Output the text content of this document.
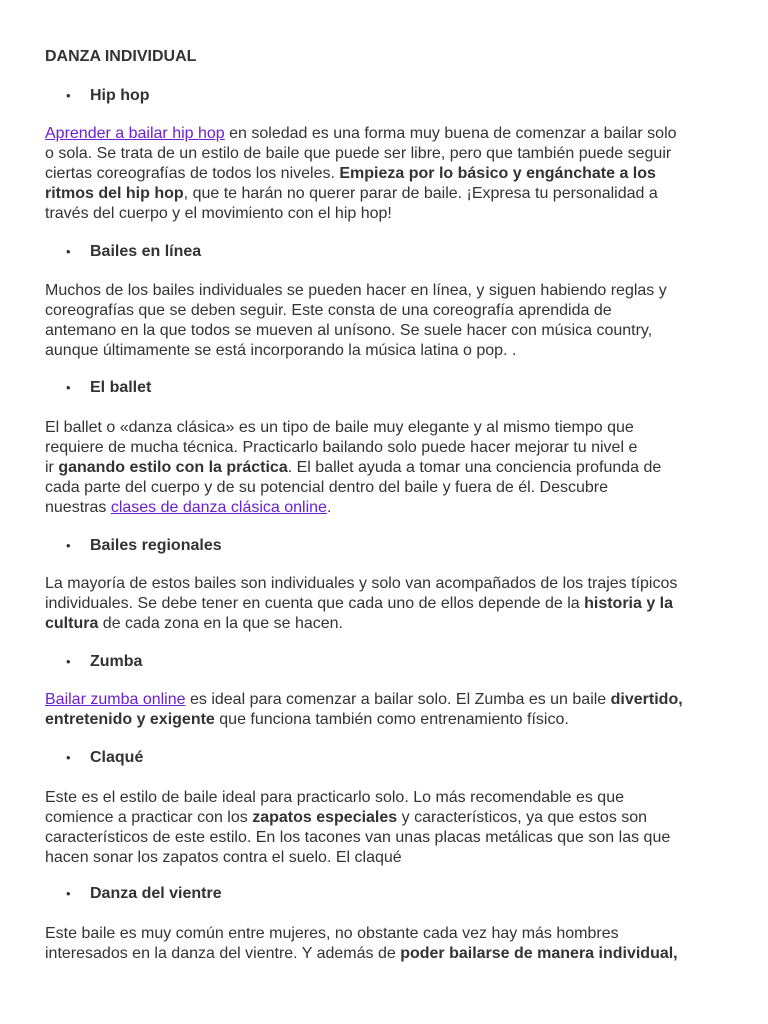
DANZA INDIVIDUAL
• Hip hop
Aprender a bailar hip hop en soledad es una forma muy buena de comenzar a bailar solo
o sola. Se trata de un estilo de baile que puede ser libre, pero que también puede seguir
ciertas coreografías de todos los niveles. Empieza por lo básico y engánchate a los
ritmos del hip hop, que te harán no querer parar de baile. ¡Expresa tu personalidad a
través del cuerpo y el movimiento con el hip hop!
• Bailes en línea
Muchos de los bailes individuales se pueden hacer en línea, y siguen habiendo reglas y
coreografías que se deben seguir. Este consta de una coreografía aprendida de
antemano en la que todos se mueven al unísono. Se suele hacer con música country,
aunque últimamente se está incorporando la música latina o pop. .
• El ballet
El ballet o «danza clásica» es un tipo de baile muy elegante y al mismo tiempo que
requiere de mucha técnica. Practicarlo bailando solo puede hacer mejorar tu nivel e
ir ganando estilo con la práctica. El ballet ayuda a tomar una conciencia profunda de
cada parte del cuerpo y de su potencial dentro del baile y fuera de él. Descubre
nuestras clases de danza clásica online.
• Bailes regionales
La mayoría de estos bailes son individuales y solo van acompañados de los trajes típicos
individuales. Se debe tener en cuenta que cada uno de ellos depende de la historia y la
cultura de cada zona en la que se hacen.
• Zumba
Bailar zumba online es ideal para comenzar a bailar solo. El Zumba es un baile divertido,
entretenido y exigente que funciona también como entrenamiento físico.
• Claqué
Este es el estilo de baile ideal para practicarlo solo. Lo más recomendable es que
comience a practicar con los zapatos especiales y característicos, ya que estos son
característicos de este estilo. En los tacones van unas placas metálicas que son las que
hacen sonar los zapatos contra el suelo. El claqué
• Danza del vientre
Este baile es muy común entre mujeres, no obstante cada vez hay más hombres
interesados en la danza del vientre. Y además de poder bailarse de manera individual,
